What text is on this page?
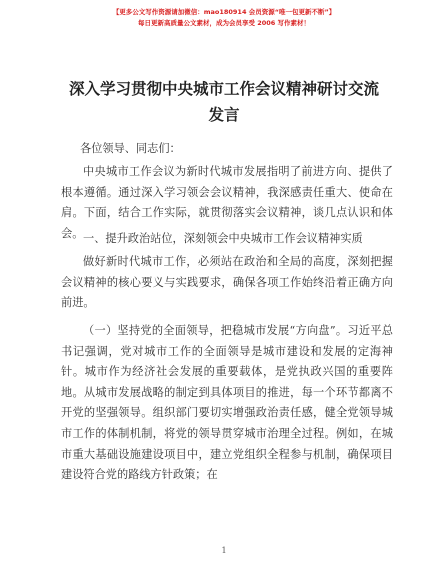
【更多公文写作资源请加微信：mao180914 会员资源“唯一包更新不断”】
每日更新高质量公文素材，成为会员享受 2006 写作素材！
深入学习贯彻中央城市工作会议精神研讨交流
发言
各位领导、同志们：
中央城市工作会议为新时代城市发展指明了前进方向、提供了根本遵循。通过深入学习领会会议精神，我深感责任重大、使命在肩。下面，结合工作实际，就贯彻落实会议精神，谈几点认识和体会。 一、提升政治站位，深刻领会中央城市工作会议精神实质
做好新时代城市工作，必须站在政治和全局的高度，深刻把握会议精神的核心要义与实践要求，确保各项工作始终沿着正确方向前进。
（一）坚持党的全面领导，把稳城市发展“方向盘”。习近平总书记强调，党对城市工作的全面领导是城市建设和发展的定海神针。城市作为经济社会发展的重要载体，是党执政兴国的重要阵地。从城市发展战略的制定到具体项目的推进，每一个环节都离不开党的坚强领导。组织部门要切实增强政治责任感，健全党领导城市工作的体制机制，将党的领导贯穿城市治理全过程。例如，在城市重大基础设施建设项目中，建立党组织全程参与机制，确保项目建设符合党的路线方针政策；在
1
